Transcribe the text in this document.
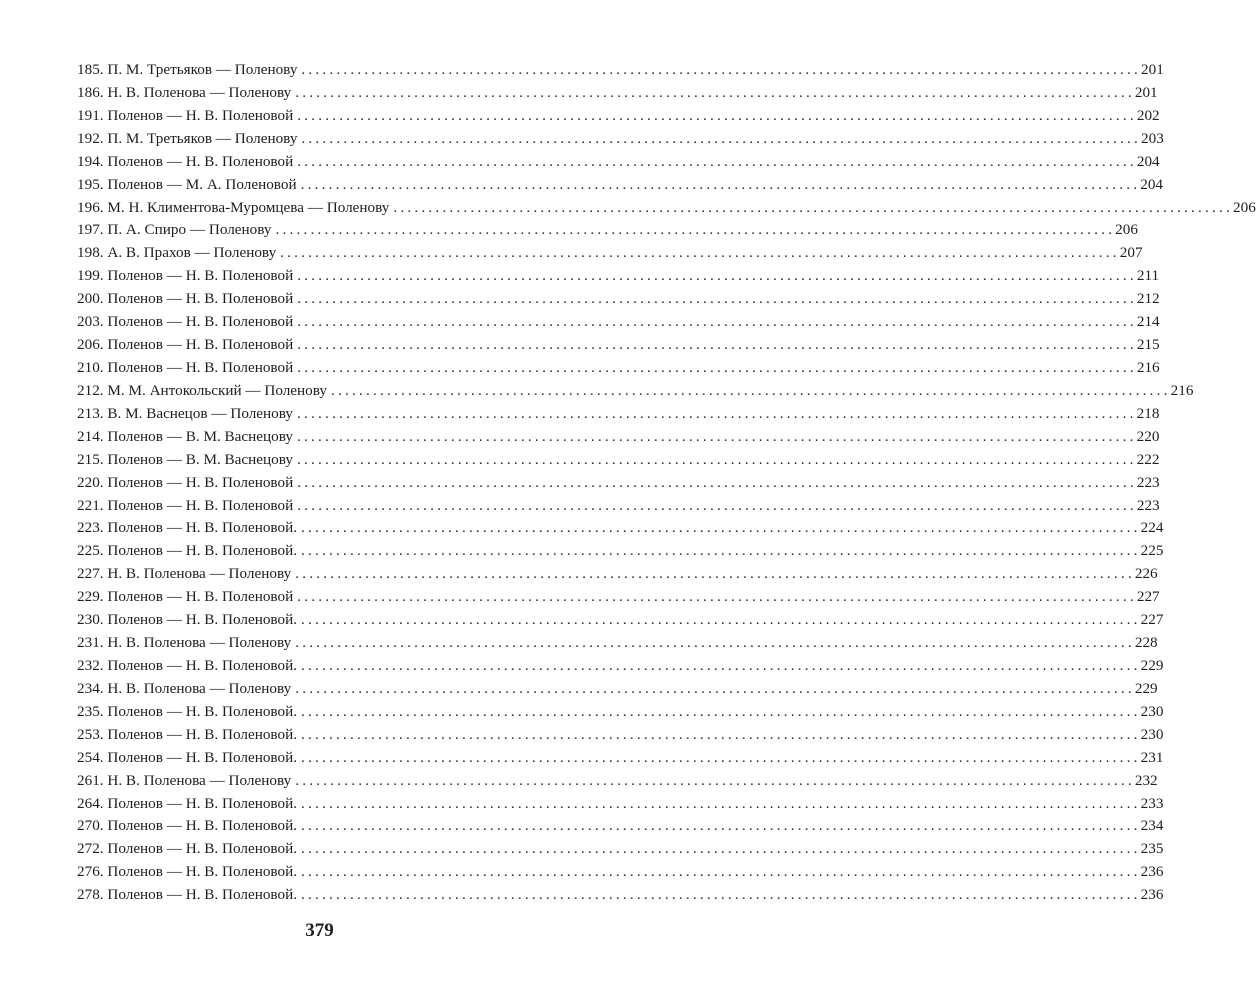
185. П. М. Третьяков — Поленову ........................................................................................................................ 201
186. Н. В. Поленова — Поленову ........................................................................................................................ 201
191. Поленов — Н. В. Поленовой ........................................................................................................................ 202
192. П. М. Третьяков — Поленову ........................................................................................................................ 203
194. Поленов — Н. В. Поленовой ........................................................................................................................ 204
195. Поленов — М. А. Поленовой ........................................................................................................................ 204
196. М. Н. Климентова-Муромцева — Поленову ........................................................................................................................ 206
197. П. А. Спиро — Поленову ........................................................................................................................ 206
198. А. В. Прахов — Поленову ........................................................................................................................ 207
199. Поленов — Н. В. Поленовой ........................................................................................................................ 211
200. Поленов — Н. В. Поленовой ........................................................................................................................ 212
203. Поленов — Н. В. Поленовой ........................................................................................................................ 214
206. Поленов — Н. В. Поленовой ........................................................................................................................ 215
210. Поленов — Н. В. Поленовой ........................................................................................................................ 216
212. М. М. Антокольский — Поленову ........................................................................................................................ 216
213. В. М. Васнецов — Поленову ........................................................................................................................ 218
214. Поленов — В. М. Васнецову ........................................................................................................................ 220
215. Поленов — В. М. Васнецову ........................................................................................................................ 222
220. Поленов — Н. В. Поленовой ........................................................................................................................ 223
221. Поленов — Н. В. Поленовой ........................................................................................................................ 223
223. Поленов — Н. В. Поленовой. ........................................................................................................................ 224
225. Поленов — Н. В. Поленовой. ........................................................................................................................ 225
227. Н. В. Поленова — Поленову ........................................................................................................................ 226
229. Поленов — Н. В. Поленовой ........................................................................................................................ 227
230. Поленов — Н. В. Поленовой. ........................................................................................................................ 227
231. Н. В. Поленова — Поленову ........................................................................................................................ 228
232. Поленов — Н. В. Поленовой. ........................................................................................................................ 229
234. Н. В. Поленова — Поленову ........................................................................................................................ 229
235. Поленов — Н. В. Поленовой. ........................................................................................................................ 230
253. Поленов — Н. В. Поленовой. ........................................................................................................................ 230
254. Поленов — Н. В. Поленовой. ........................................................................................................................ 231
261. Н. В. Поленова — Поленову ........................................................................................................................ 232
264. Поленов — Н. В. Поленовой. ........................................................................................................................ 233
270. Поленов — Н. В. Поленовой. ........................................................................................................................ 234
272. Поленов — Н. В. Поленовой. ........................................................................................................................ 235
276. Поленов — Н. В. Поленовой. ........................................................................................................................ 236
278. Поленов — Н. В. Поленовой. ........................................................................................................................ 236
379
